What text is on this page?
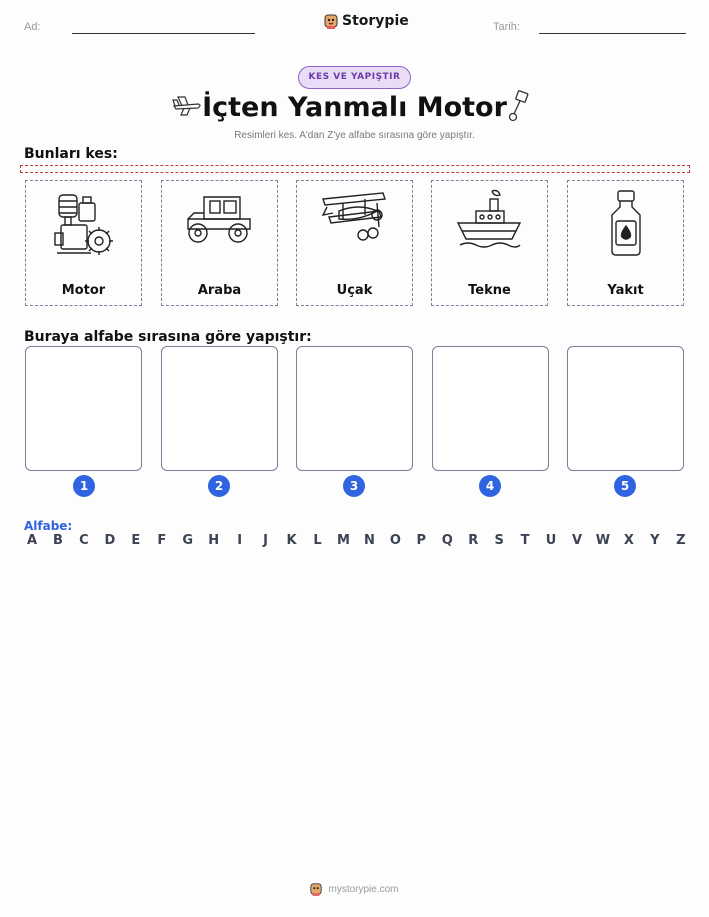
Ad:	Storypie	Tarih:
KES VE YAPIŞTIR
İçten Yanmalı Motor
Resimleri kes. A'dan Z'ye alfabe sırasına göre yapıştır.
Bunları kes:
Motor	Araba	Uçak	Tekne	Yakıt
Buraya alfabe sırasına göre yapıştır:
1	2	3	4	5
Alfabe:
A B C D E F G H	I	J	K L M N O P Q R S T U V W X Y Z
mystorypie.com
